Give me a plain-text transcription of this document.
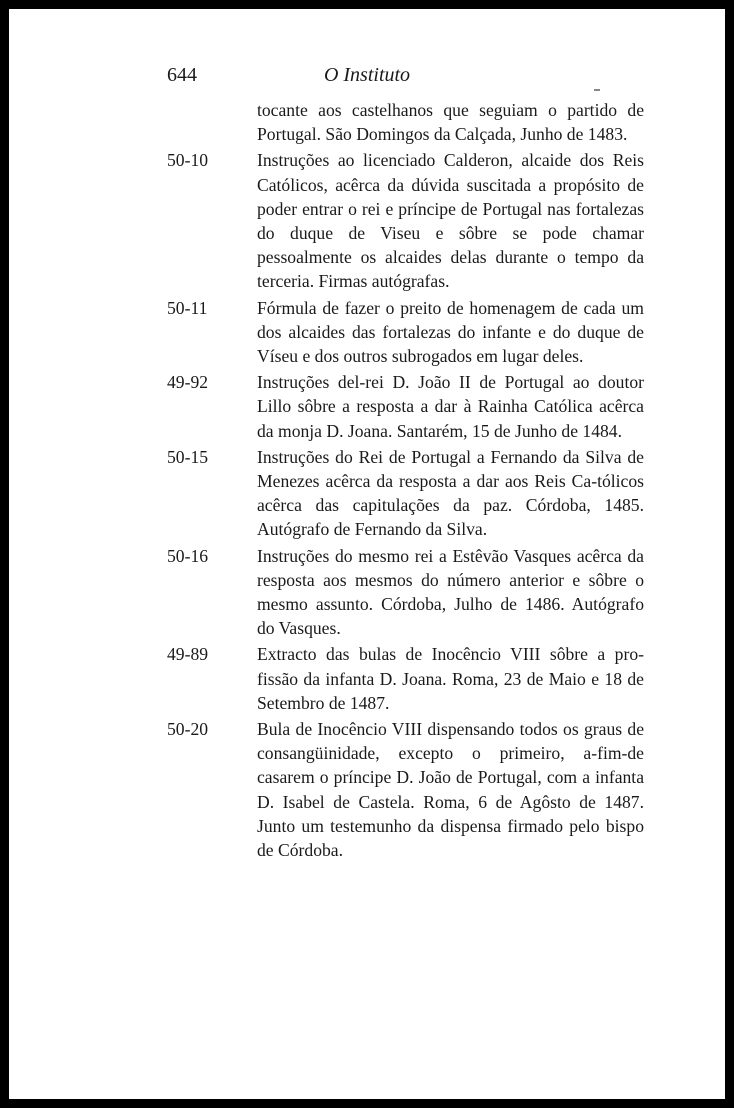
644	O Instituto
tocante aos castelhanos que seguiam o partido de Portugal. São Domingos da Calçada, Junho de 1483.
50-10	Instruções ao licenciado Calderon, alcaide dos Reis Católicos, acêrca da dúvida suscitada a propósito de poder entrar o rei e príncipe de Portugal nas fortalezas do duque de Viseu e sôbre se pode chamar pessoalmente os alcaides delas durante o tempo da terceria. Firmas autógrafas.
50-11	Fórmula de fazer o preito de homenagem de cada um dos alcaides das fortalezas do infante e do duque de Víseu e dos outros subrogados em lugar deles.
49-92	Instruções del-rei D. João II de Portugal ao doutor Lillo sôbre a resposta a dar à Rainha Católica acêrca da monja D. Joana. Santarém, 15 de Junho de 1484.
50-15	Instruções do Rei de Portugal a Fernando da Silva de Menezes acêrca da resposta a dar aos Reis Ca-tólicos acêrca das capitulações da paz. Córdoba, 1485. Autógrafo de Fernando da Silva.
50-16	Instruções do mesmo rei a Estêvão Vasques acêrca da resposta aos mesmos do número anterior e sôbre o mesmo assunto. Córdoba, Julho de 1486. Autógrafo do Vasques.
49-89	Extracto das bulas de Inocêncio VIII sôbre a pro-fissão da infanta D. Joana. Roma, 23 de Maio e 18 de Setembro de 1487.
50-20	Bula de Inocêncio VIII dispensando todos os graus de consangüinidade, excepto o primeiro, a-fim-de casarem o príncipe D. João de Portugal, com a infanta D. Isabel de Castela. Roma, 6 de Agôsto de 1487. Junto um testemunho da dispensa firmado pelo bispo de Córdoba.
